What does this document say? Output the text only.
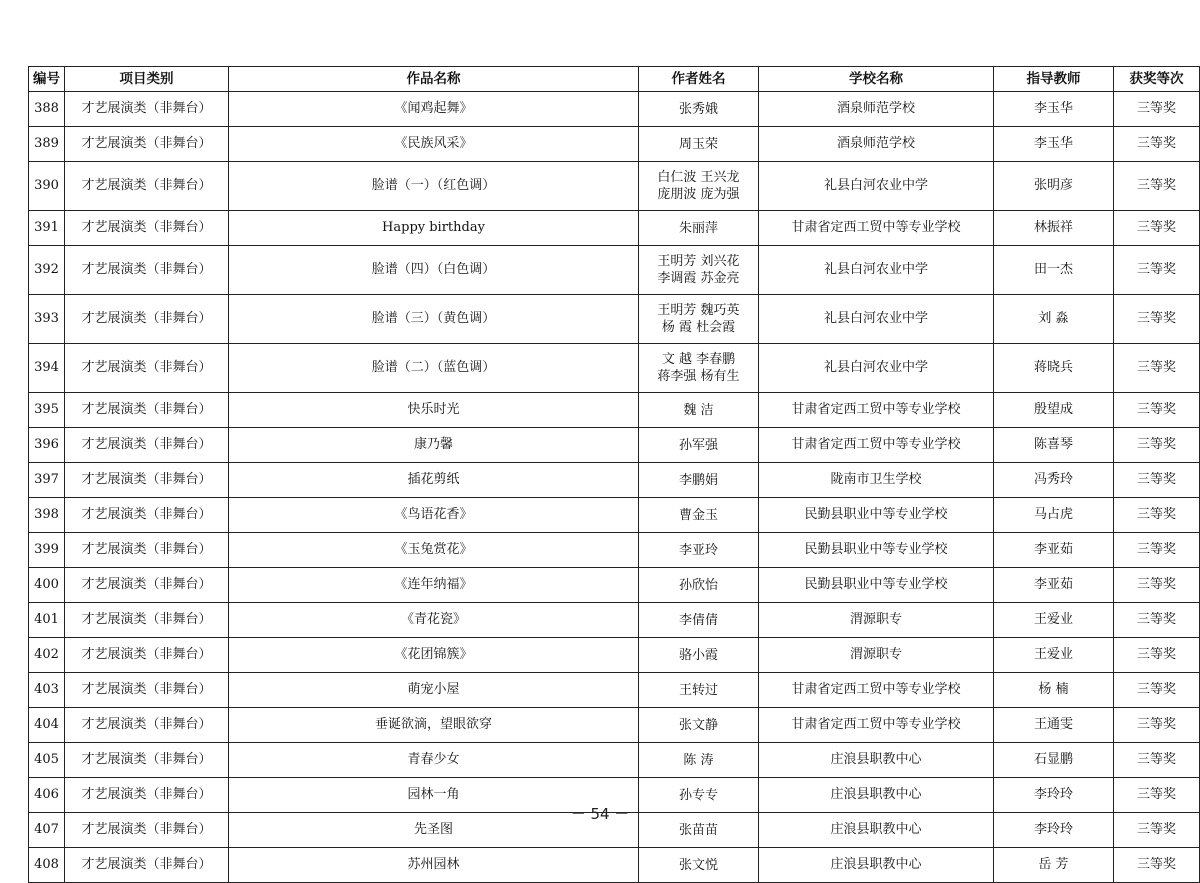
编号	项目类别	作品名称	作者姓名	学校名称	指导教师	获奖等次
388	才艺展演类（非舞台）	《闻鸡起舞》	张秀娥	酒泉师范学校	李玉华	三等奖
389	才艺展演类（非舞台）	《民族风采》	周玉荣	酒泉师范学校	李玉华	三等奖
390	才艺展演类（非舞台）	脸谱（一）（红色调）	白仁波 王兴龙
庞朋波 庞为强	礼县白河农业中学	张明彦	三等奖
391	才艺展演类（非舞台）	Happy birthday	朱丽萍	甘肃省定西工贸中等专业学校	林振祥	三等奖
392	才艺展演类（非舞台）	脸谱（四）（白色调）	王明芳 刘兴花
李调霞 苏金亮	礼县白河农业中学	田一杰	三等奖
393	才艺展演类（非舞台）	脸谱（三）（黄色调）	王明芳 魏巧英
杨 霞 杜会霞	礼县白河农业中学	刘 淼	三等奖
394	才艺展演类（非舞台）	脸谱（二）（蓝色调）	文 越 李春鹏
蒋李强 杨有生	礼县白河农业中学	蒋晓兵	三等奖
395	才艺展演类（非舞台）	快乐时光	魏 洁	甘肃省定西工贸中等专业学校	殷望成	三等奖
396	才艺展演类（非舞台）	康乃馨	孙军强	甘肃省定西工贸中等专业学校	陈喜琴	三等奖
397	才艺展演类（非舞台）	插花剪纸	李鹏娟	陇南市卫生学校	冯秀玲	三等奖
398	才艺展演类（非舞台）	《鸟语花香》	曹金玉	民勤县职业中等专业学校	马占虎	三等奖
399	才艺展演类（非舞台）	《玉兔赏花》	李亚玲	民勤县职业中等专业学校	李亚茹	三等奖
400	才艺展演类（非舞台）	《连年纳福》	孙欣怡	民勤县职业中等专业学校	李亚茹	三等奖
401	才艺展演类（非舞台）	《青花瓷》	李倩倩	渭源职专	王爱业	三等奖
402	才艺展演类（非舞台）	《花团锦簇》	骆小霞	渭源职专	王爱业	三等奖
403	才艺展演类（非舞台）	萌宠小屋	王转过	甘肃省定西工贸中等专业学校	杨 楠	三等奖
404	才艺展演类（非舞台）	垂诞欲滴，望眼欲穿	张文静	甘肃省定西工贸中等专业学校	王通雯	三等奖
405	才艺展演类（非舞台）	青春少女	陈 涛	庄浪县职教中心	石显鹏	三等奖
406	才艺展演类（非舞台）	园林一角	孙专专	庄浪县职教中心	李玲玲	三等奖
407	才艺展演类（非舞台）	先圣图	张苗苗	庄浪县职教中心	李玲玲	三等奖
408	才艺展演类（非舞台）	苏州园林	张文悦	庄浪县职教中心	岳 芳	三等奖
－ 54 －
